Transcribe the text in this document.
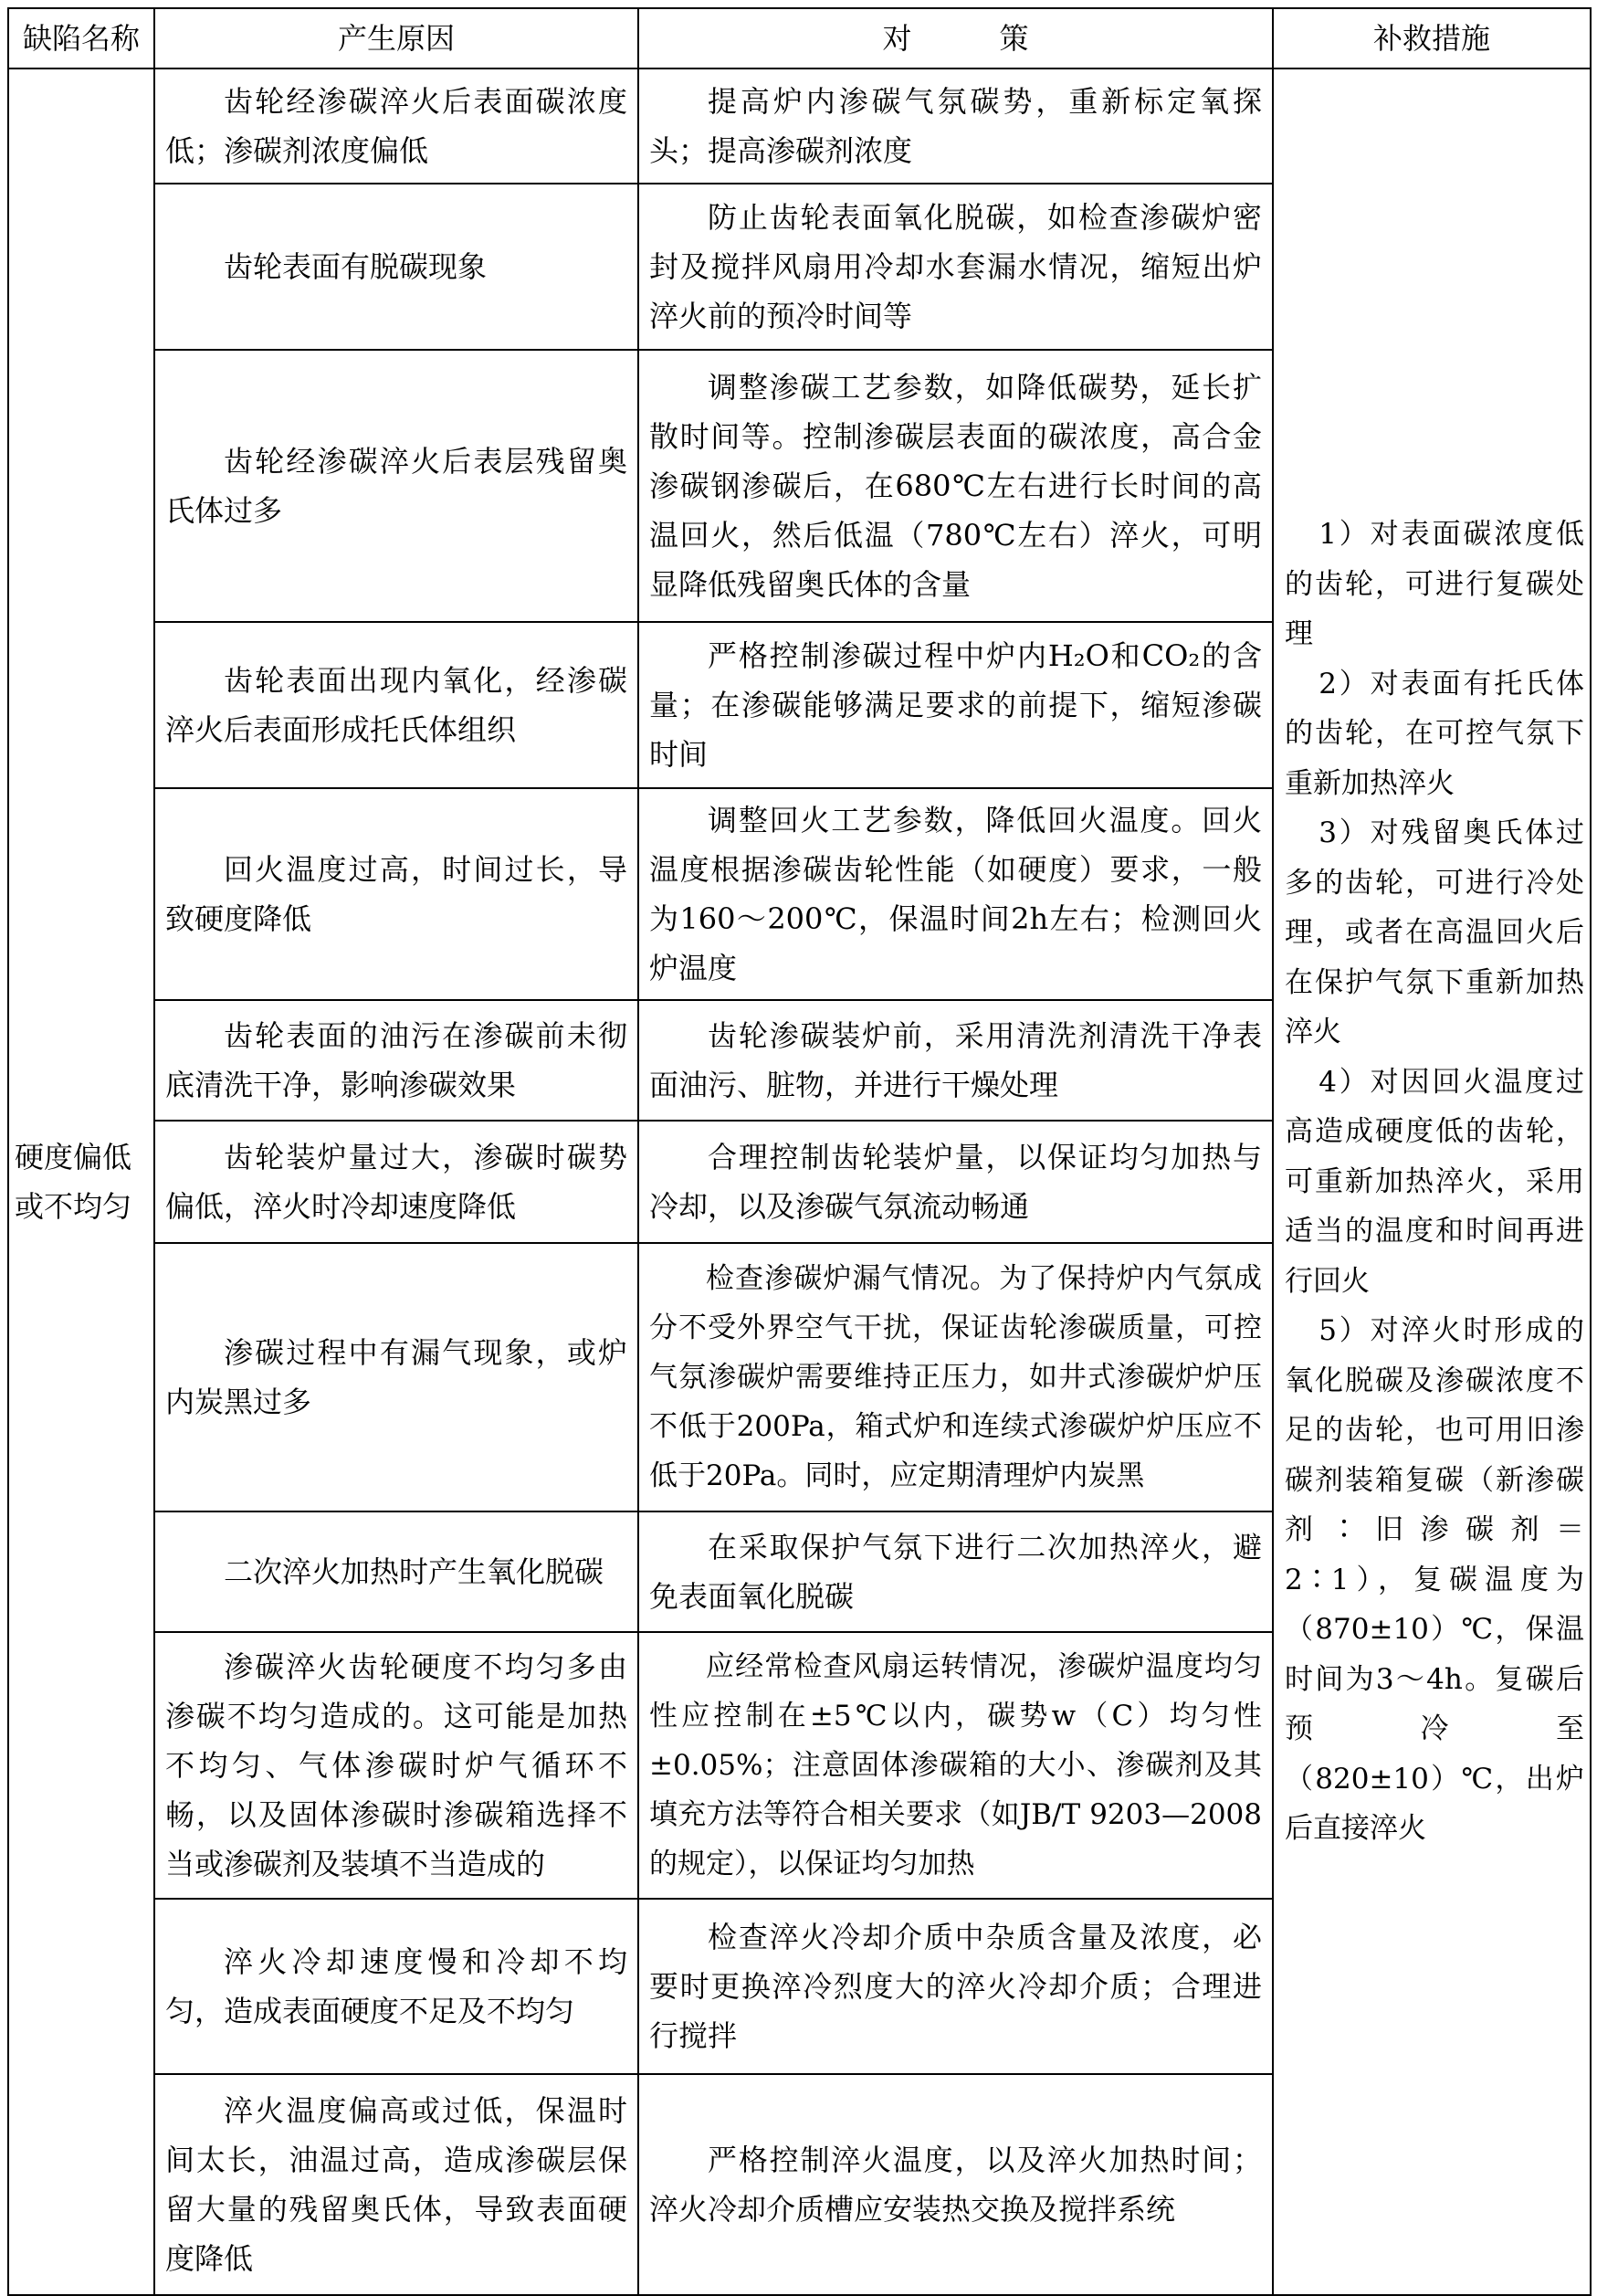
缺陷名称	产生原因	对　　　策	补救措施
硬度偏低或不均匀	齿轮经渗碳淬火后表面碳浓度低；渗碳剂浓度偏低	提高炉内渗碳气氛碳势，重新标定氧探头；提高渗碳剂浓度	1）对表面碳浓度低的齿轮，可进行复碳处理
2）对表面有托氏体的齿轮，在可控气氛下重新加热淬火
3）对残留奥氏体过多的齿轮，可进行冷处理，或者在高温回火后在保护气氛下重新加热淬火
4）对因回火温度过高造成硬度低的齿轮，可重新加热淬火，采用适当的温度和时间再进行回火
5）对淬火时形成的氧化脱碳及渗碳浓度不足的齿轮，也可用旧渗碳剂装箱复碳（新渗碳剂∶旧渗碳剂＝2∶1），复碳温度为（870±10）℃，保温时间为3～4h。复碳后预冷至（820±10）℃，出炉后直接淬火

	齿轮表面有脱碳现象	防止齿轮表面氧化脱碳，如检查渗碳炉密封及搅拌风扇用冷却水套漏水情况，缩短出炉淬火前的预冷时间等	
	齿轮经渗碳淬火后表层残留奥氏体过多	调整渗碳工艺参数，如降低碳势，延长扩散时间等。控制渗碳层表面的碳浓度，高合金渗碳钢渗碳后，在680℃左右进行长时间的高温回火，然后低温（780℃左右）淬火，可明显降低残留奥氏体的含量	
	齿轮表面出现内氧化，经渗碳淬火后表面形成托氏体组织	严格控制渗碳过程中炉内H₂O和CO₂的含量；在渗碳能够满足要求的前提下，缩短渗碳时间	
	回火温度过高，时间过长，导致硬度降低	调整回火工艺参数，降低回火温度。回火温度根据渗碳齿轮性能（如硬度）要求，一般为160～200℃，保温时间2h左右；检测回火炉温度	
	齿轮表面的油污在渗碳前未彻底清洗干净，影响渗碳效果	齿轮渗碳装炉前，采用清洗剂清洗干净表面油污、脏物，并进行干燥处理	
	齿轮装炉量过大，渗碳时碳势偏低，淬火时冷却速度降低	合理控制齿轮装炉量，以保证均匀加热与冷却，以及渗碳气氛流动畅通	
	渗碳过程中有漏气现象，或炉内炭黑过多	检查渗碳炉漏气情况。为了保持炉内气氛成分不受外界空气干扰，保证齿轮渗碳质量，可控气氛渗碳炉需要维持正压力，如井式渗碳炉炉压不低于200Pa，箱式炉和连续式渗碳炉炉压应不低于20Pa。同时，应定期清理炉内炭黑	
	二次淬火加热时产生氧化脱碳	在采取保护气氛下进行二次加热淬火，避免表面氧化脱碳	
	渗碳淬火齿轮硬度不均匀多由渗碳不均匀造成的。这可能是加热不均匀、气体渗碳时炉气循环不畅，以及固体渗碳时渗碳箱选择不当或渗碳剂及装填不当造成的	应经常检查风扇运转情况，渗碳炉温度均匀性应控制在±5℃以内，碳势w（C）均匀性±0.05%；注意固体渗碳箱的大小、渗碳剂及其填充方法等符合相关要求（如JB/T 9203—2008的规定），以保证均匀加热	
	淬火冷却速度慢和冷却不均匀，造成表面硬度不足及不均匀	检查淬火冷却介质中杂质含量及浓度，必要时更换淬冷烈度大的淬火冷却介质；合理进行搅拌	
	淬火温度偏高或过低，保温时间太长，油温过高，造成渗碳层保留大量的残留奥氏体，导致表面硬度降低	严格控制淬火温度，以及淬火加热时间；淬火冷却介质槽应安装热交换及搅拌系统	
